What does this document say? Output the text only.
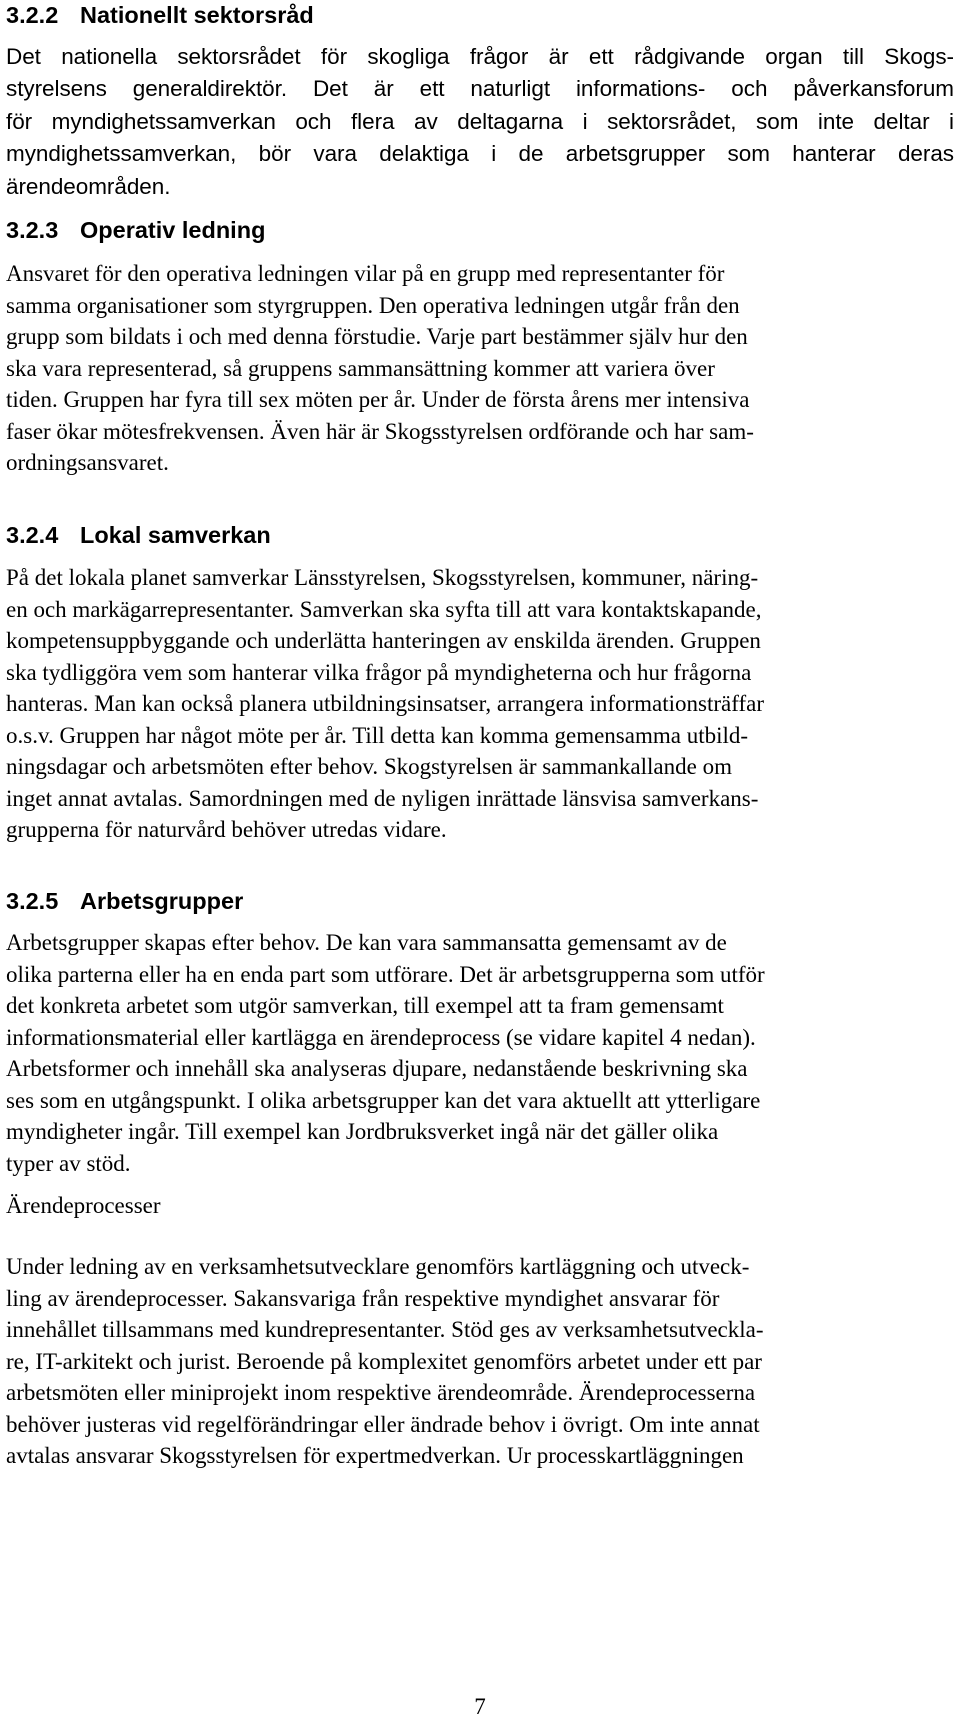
3.2.2 Nationellt sektorsråd
Det nationella sektorsrådet för skogliga frågor är ett rådgivande organ till Skogs-
styrelsens generaldirektör. Det är ett naturligt informations- och påverkansforum
för myndighetssamverkan och flera av deltagarna i sektorsrådet, som inte deltar i
myndighetssamverkan, bör vara delaktiga i de arbetsgrupper som hanterar deras
ärendeområden.
3.2.3 Operativ ledning
Ansvaret för den operativa ledningen vilar på en grupp med representanter för
samma organisationer som styrgruppen. Den operativa ledningen utgår från den
grupp som bildats i och med denna förstudie. Varje part bestämmer själv hur den
ska vara representerad, så gruppens sammansättning kommer att variera över
tiden. Gruppen har fyra till sex möten per år. Under de första årens mer intensiva
faser ökar mötesfrekvensen. Även här är Skogsstyrelsen ordförande och har sam-
ordningsansvaret.
3.2.4 Lokal samverkan
På det lokala planet samverkar Länsstyrelsen, Skogsstyrelsen, kommuner, näring-
en och markägarrepresentanter. Samverkan ska syfta till att vara kontaktskapande,
kompetensuppbyggande och underlätta hanteringen av enskilda ärenden. Gruppen
ska tydliggöra vem som hanterar vilka frågor på myndigheterna och hur frågorna
hanteras. Man kan också planera utbildningsinsatser, arrangera informationsträffar
o.s.v. Gruppen har något möte per år. Till detta kan komma gemensamma utbild-
ningsdagar och arbetsmöten efter behov. Skogstyrelsen är sammankallande om
inget annat avtalas. Samordningen med de nyligen inrättade länsvisa samverkans-
grupperna för naturvård behöver utredas vidare.
3.2.5 Arbetsgrupper
Arbetsgrupper skapas efter behov. De kan vara sammansatta gemensamt av de
olika parterna eller ha en enda part som utförare. Det är arbetsgrupperna som utför
det konkreta arbetet som utgör samverkan, till exempel att ta fram gemensamt
informationsmaterial eller kartlägga en ärendeprocess (se vidare kapitel 4 nedan).
Arbetsformer och innehåll ska analyseras djupare, nedanstående beskrivning ska
ses som en utgångspunkt. I olika arbetsgrupper kan det vara aktuellt att ytterligare
myndigheter ingår. Till exempel kan Jordbruksverket ingå när det gäller olika
typer av stöd.

Ärendeprocesser

Under ledning av en verksamhetsutvecklare genomförs kartläggning och utveck-
ling av ärendeprocesser. Sakansvariga från respektive myndighet ansvarar för
innehållet tillsammans med kundrepresentanter. Stöd ges av verksamhetsutveckla-
re, IT-arkitekt och jurist. Beroende på komplexitet genomförs arbetet under ett par
arbetsmöten eller miniprojekt inom respektive ärendeområde. Ärendeprocesserna
behöver justeras vid regelförändringar eller ändrade behov i övrigt. Om inte annat
avtalas ansvarar Skogsstyrelsen för expertmedverkan. Ur processkartläggningen
7
